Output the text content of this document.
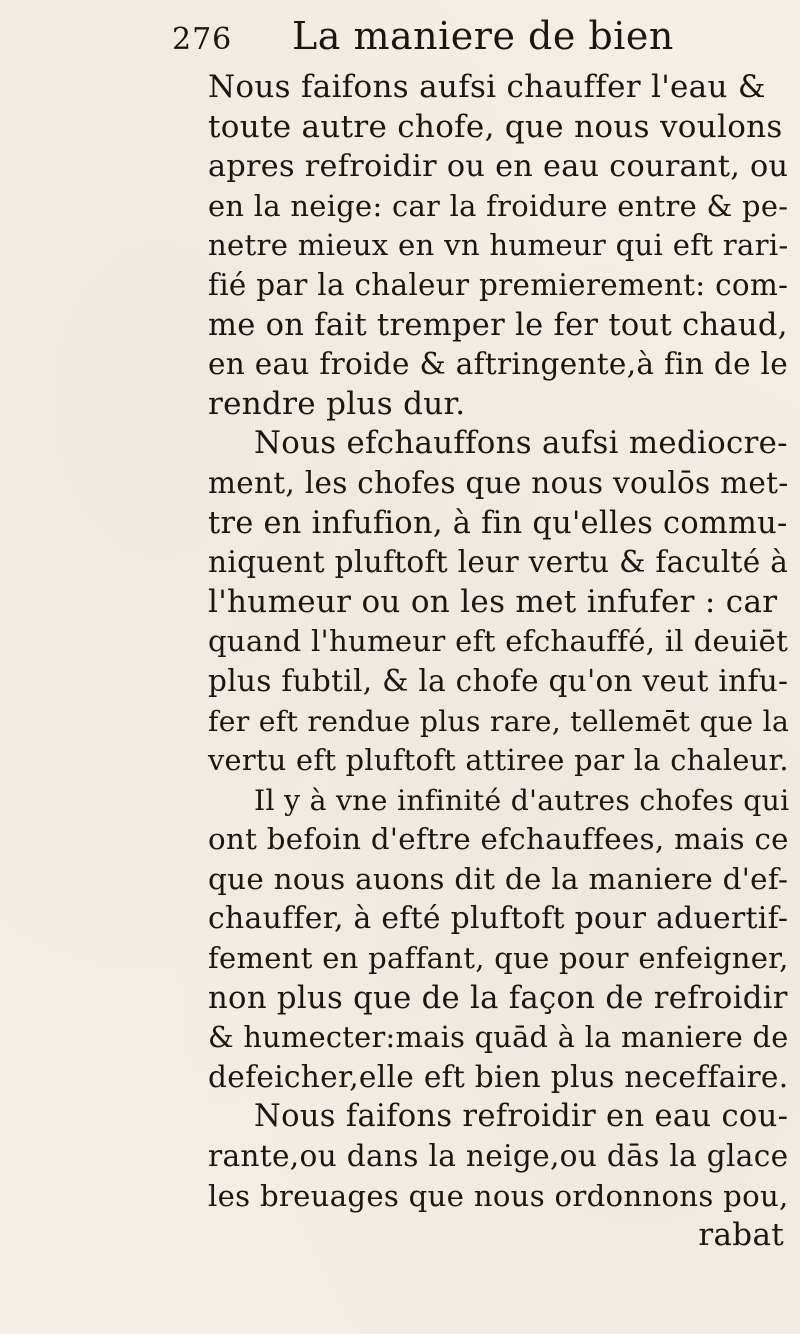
276	La maniere de bien
Nous faifons aufsi chauffer l'eau &
toute autre chofe, que nous voulons
apres refroidir ou en eau courant, ou
en la neige: car la froidure entre & pe-
netre mieux en vn humeur qui eft rari-
fié par la chaleur premierement: com-
me on fait tremper le fer tout chaud,
en eau froide & aftringente,à fin de le
rendre plus dur.
Nous efchauffons aufsi mediocre-
ment, les chofes que nous voulōs met-
tre en infufion, à fin qu'elles commu-
niquent pluftoft leur vertu & faculté à
l'humeur ou on les met infufer : car
quand l'humeur eft efchauffé, il deuiēt
plus fubtil, & la chofe qu'on veut infu-
fer eft rendue plus rare, tellemēt que la
vertu eft pluftoft attiree par la chaleur.
Il y à vne infinité d'autres chofes qui
ont befoin d'eftre efchauffees, mais ce
que nous auons dit de la maniere d'ef-
chauffer, à efté pluftoft pour aduertif-
fement en paffant, que pour enfeigner,
non plus que de la façon de refroidir
& humecter:mais quād à la maniere de
defeicher,elle eft bien plus neceffaire.
Nous faifons refroidir en eau cou-
rante,ou dans la neige,ou dās la glace
les breuages que nous ordonnons pou,
rabat
